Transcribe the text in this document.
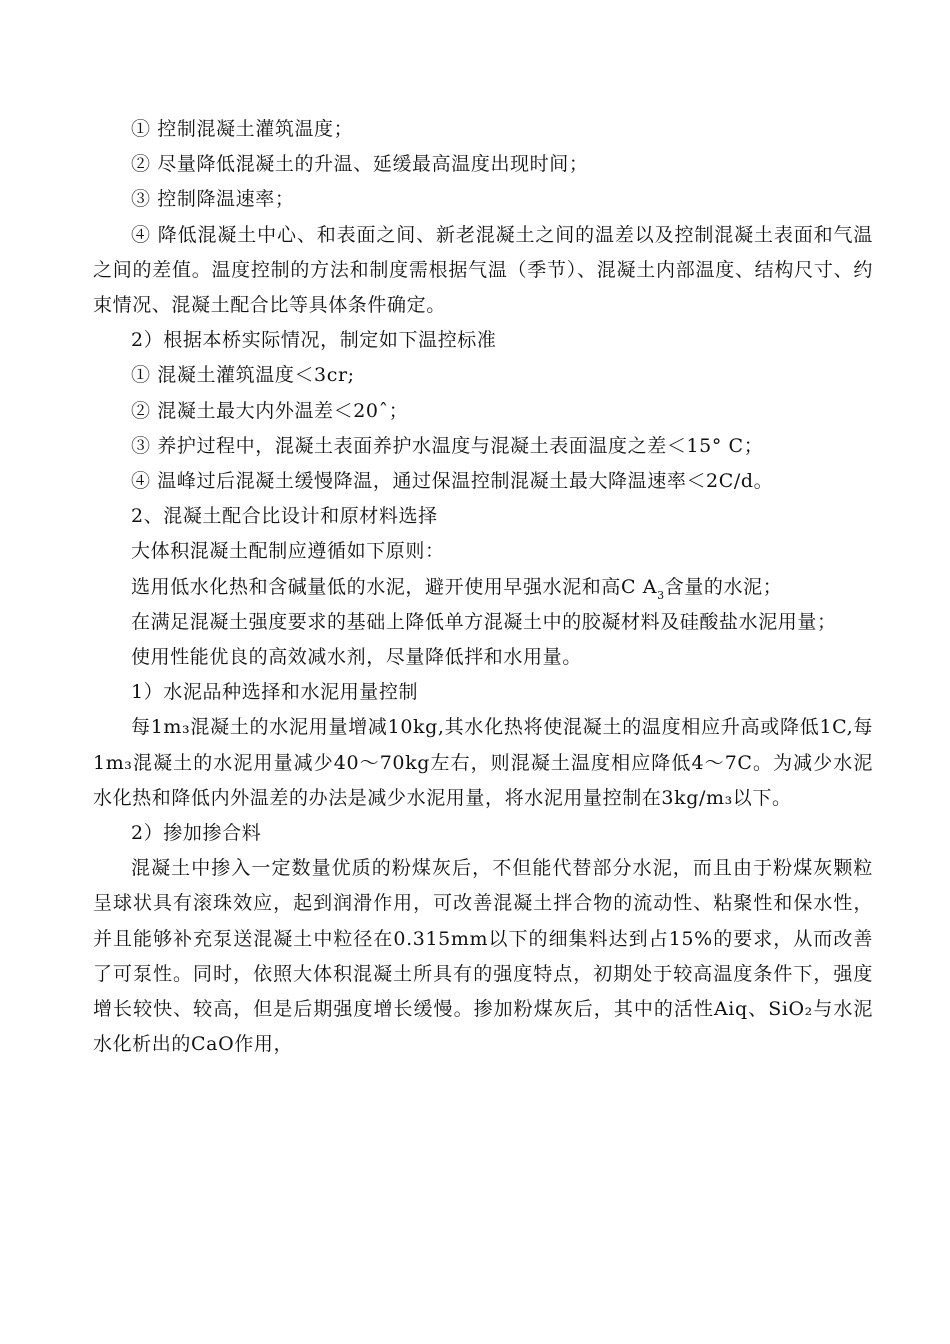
① 控制混凝土灌筑温度；

② 尽量降低混凝土的升温、延缓最高温度出现时间；

③ 控制降温速率；

④ 降低混凝土中心、和表面之间、新老混凝土之间的温差以及控制混凝土表面和气温之间的差值。温度控制的方法和制度需根据气温（季节）、混凝土内部温度、结构尺寸、约束情况、混凝土配合比等具体条件确定。

2）根据本桥实际情况，制定如下温控标准

① 混凝土灌筑温度＜3cr;

② 混凝土最大内外温差＜20ˆ；

③ 养护过程中，混凝土表面养护水温度与混凝土表面温度之差＜15° C；

④ 温峰过后混凝土缓慢降温，通过保温控制混凝土最大降温速率＜2C/d。

2、混凝土配合比设计和原材料选择

大体积混凝土配制应遵循如下原则：

选用低水化热和含碱量低的水泥，避开使用早强水泥和高C $A_3$含量的水泥；

在满足混凝土强度要求的基础上降低单方混凝土中的胶凝材料及硅酸盐水泥用量；

使用性能优良的高效减水剂，尽量降低拌和水用量。

1）水泥品种选择和水泥用量控制

每1m₃混凝土的水泥用量增减10kg,其水化热将使混凝土的温度相应升高或降低1C,每1m₃混凝土的水泥用量减少40〜70kg左右，则混凝土温度相应降低4〜7C。为减少水泥水化热和降低内外温差的办法是减少水泥用量，将水泥用量控制在3kg/m₃以下。

2）掺加掺合料

混凝土中掺入一定数量优质的粉煤灰后，不但能代替部分水泥，而且由于粉煤灰颗粒呈球状具有滚珠效应，起到润滑作用，可改善混凝土拌合物的流动性、粘聚性和保水性，并且能够补充泵送混凝土中粒径在0.315mm以下的细集料达到占15%的要求，从而改善了可泵性。同时，依照大体积混凝土所具有的强度特点，初期处于较高温度条件下，强度增长较快、较高，但是后期强度增长缓慢。掺加粉煤灰后，其中的活性Aiq、SiO₂与水泥水化析出的CaO作用，
